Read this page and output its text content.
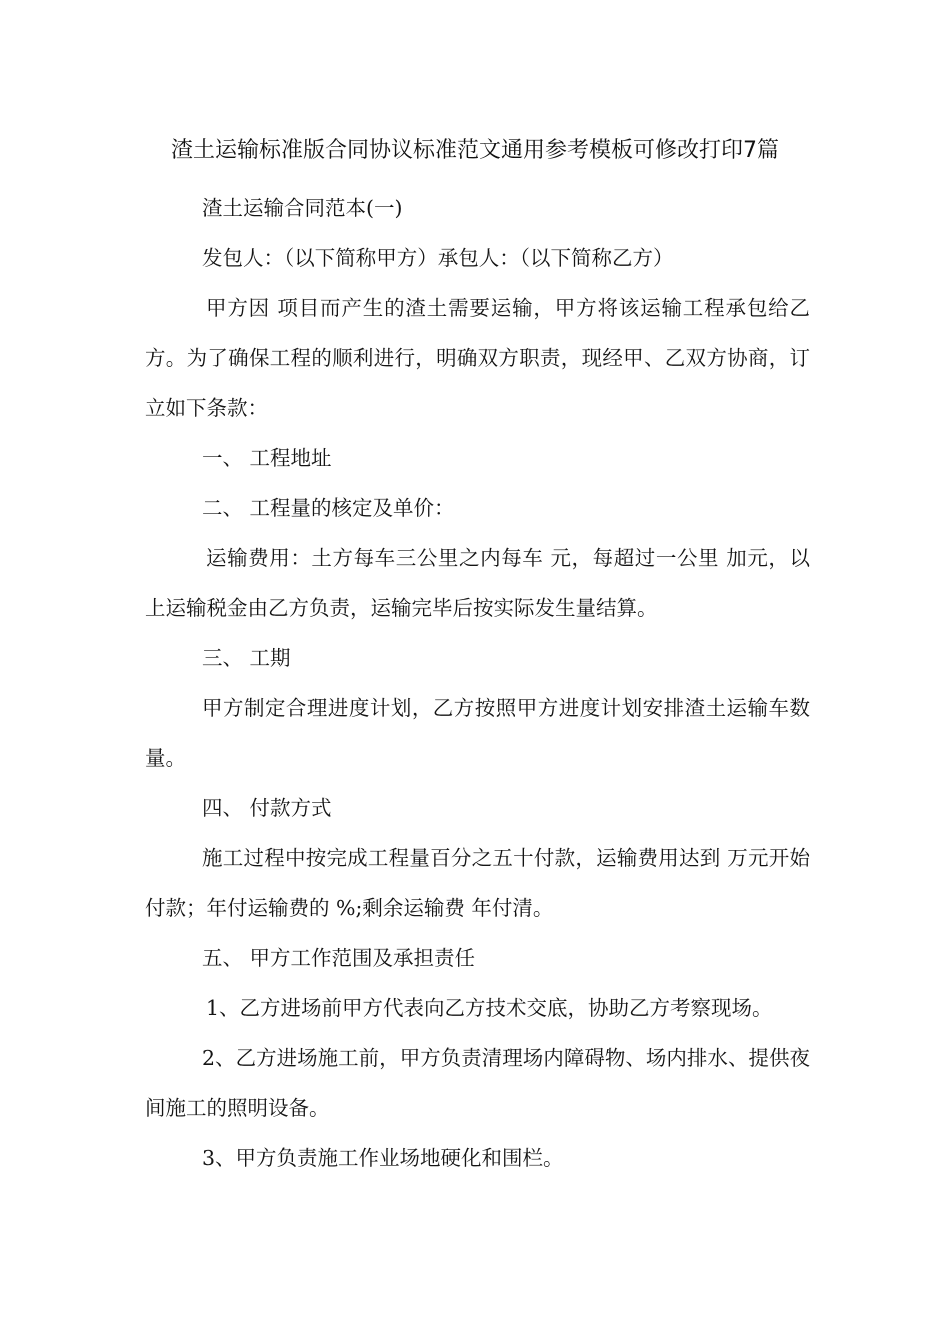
渣土运输标准版合同协议标准范文通用参考模板可修改打印7篇

渣土运输合同范本(一)

发包人：（以下简称甲方）承包人：（以下简称乙方）

甲方因 项目而产生的渣土需要运输，甲方将该运输工程承包给乙方。为了确保工程的顺利进行，明确双方职责，现经甲、乙双方协商，订立如下条款：

一、 工程地址

二、 工程量的核定及单价：

运输费用：土方每车三公里之内每车 元，每超过一公里 加元，以上运输税金由乙方负责，运输完毕后按实际发生量结算。

三、 工期

甲方制定合理进度计划，乙方按照甲方进度计划安排渣土运输车数量。

四、 付款方式

施工过程中按完成工程量百分之五十付款，运输费用达到 万元开始付款；年付运输费的 %;剩余运输费 年付清。

五、 甲方工作范围及承担责任

1、乙方进场前甲方代表向乙方技术交底，协助乙方考察现场。

2、乙方进场施工前，甲方负责清理场内障碍物、场内排水、提供夜间施工的照明设备。

3、甲方负责施工作业场地硬化和围栏。
